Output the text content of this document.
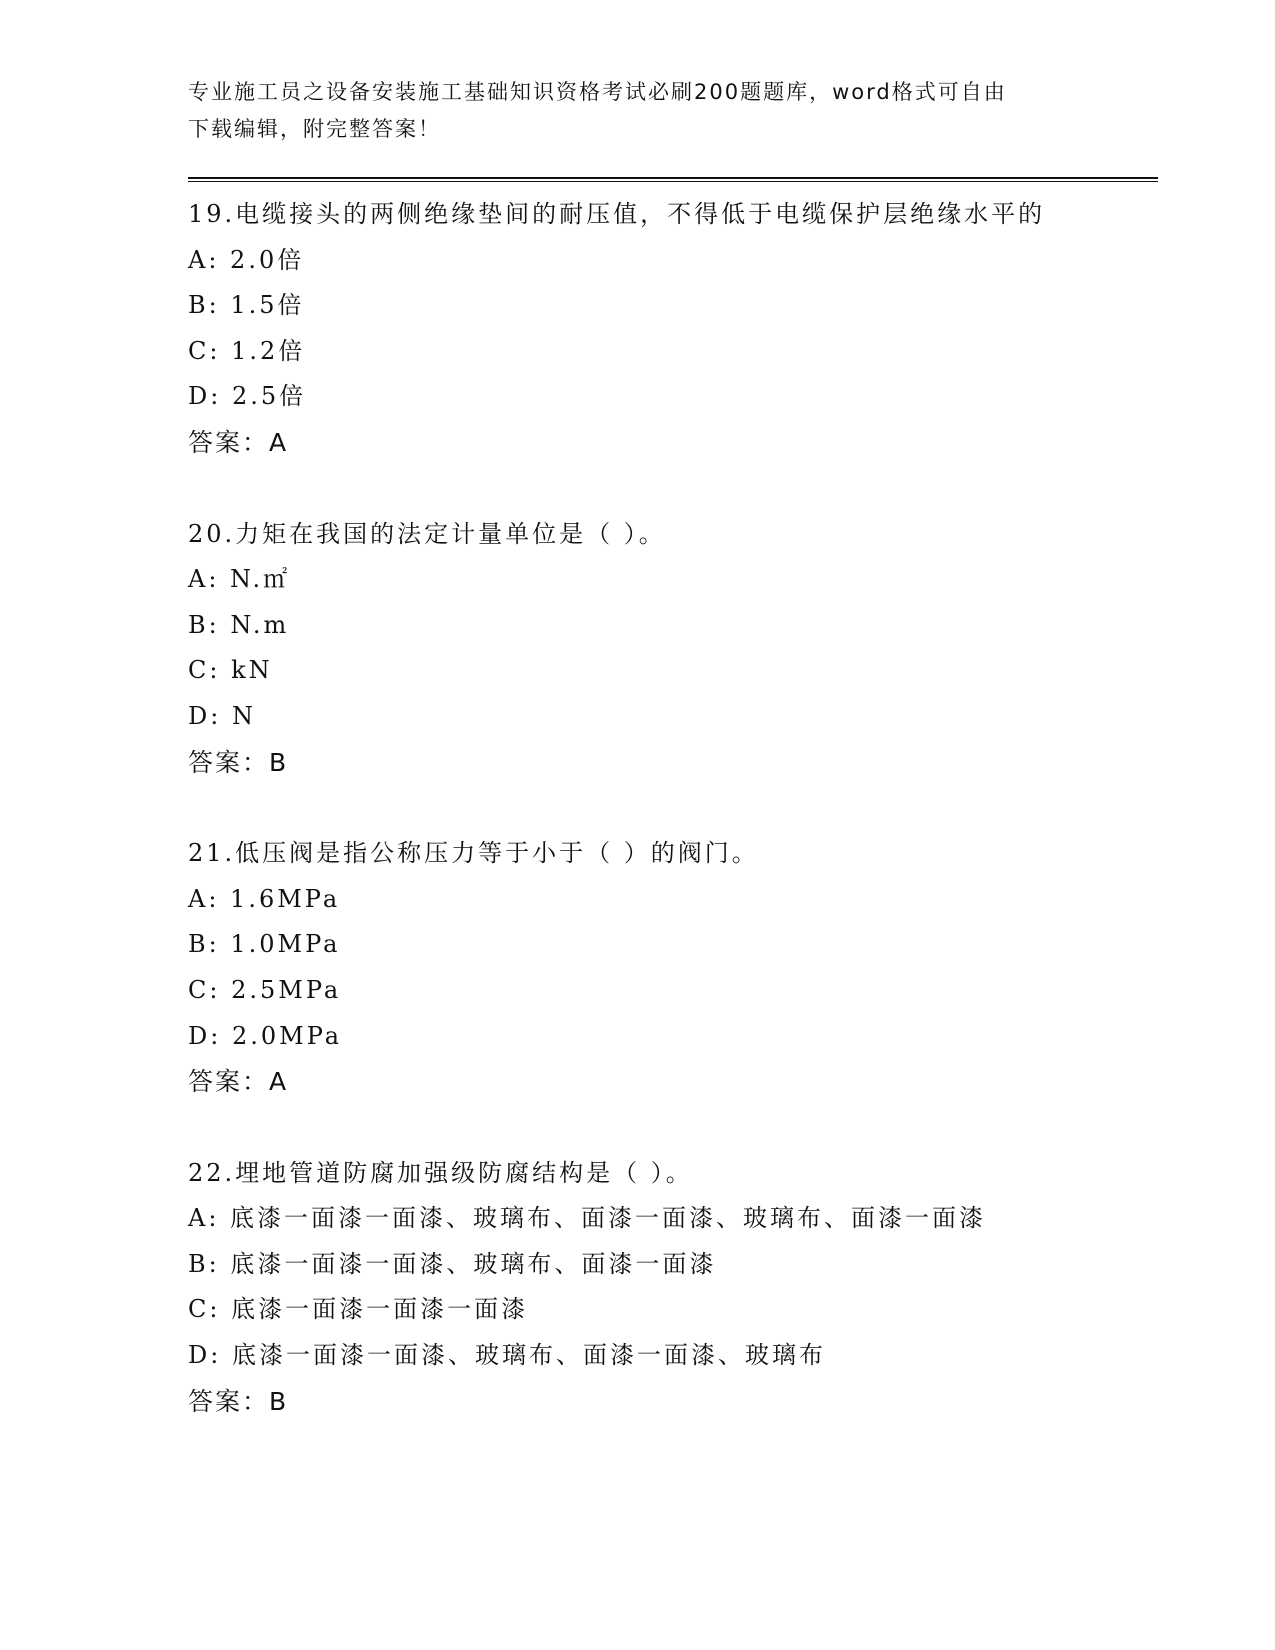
专业施工员之设备安装施工基础知识资格考试必刷200题题库，word格式可自由
下载编辑，附完整答案！
19.电缆接头的两侧绝缘垫间的耐压值，不得低于电缆保护层绝缘水平的
A: 2.0倍
B: 1.5倍
C: 1.2倍
D: 2.5倍
答案：A
20.力矩在我国的法定计量单位是（ ）。
A: N.㎡
B: N.m
C: kN
D: N
答案：B
21.低压阀是指公称压力等于小于（ ）的阀门。
A: 1.6MPa
B: 1.0MPa
C: 2.5MPa
D: 2.0MPa
答案：A
22.埋地管道防腐加强级防腐结构是（ ）。
A: 底漆一面漆一面漆、玻璃布、面漆一面漆、玻璃布、面漆一面漆
B: 底漆一面漆一面漆、玻璃布、面漆一面漆
C: 底漆一面漆一面漆一面漆
D: 底漆一面漆一面漆、玻璃布、面漆一面漆、玻璃布
答案：B
